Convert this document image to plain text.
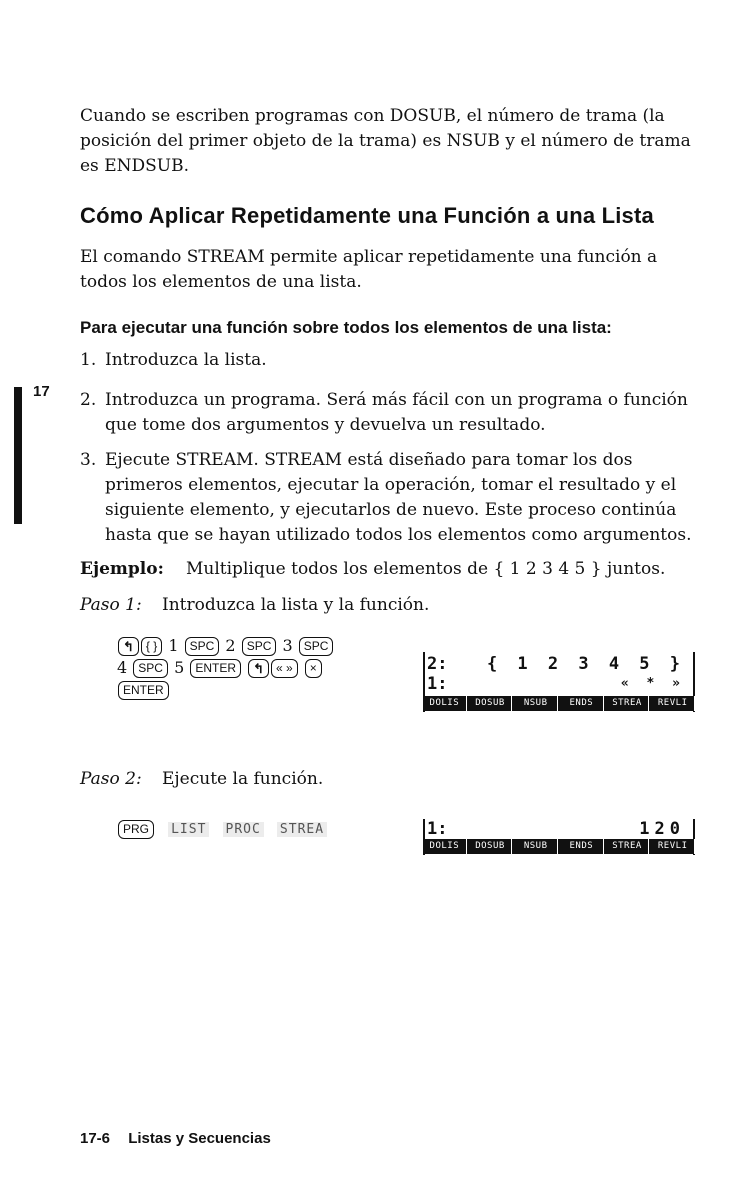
Cuando se escriben programas con DOSUB, el número de trama (la posición del primer objeto de la trama) es NSUB y el número de trama es ENDSUB.
Cómo Aplicar Repetidamente una Función a una Lista
El comando STREAM permite aplicar repetidamente una función a todos los elementos de una lista.
Para ejecutar una función sobre todos los elementos de una lista:
1. Introduzca la lista.
2. Introduzca un programa. Será más fácil con un programa o función que tome dos argumentos y devuelva un resultado.
3. Ejecute STREAM. STREAM está diseñado para tomar los dos primeros elementos, ejecutar la operación, tomar el resultado y el siguiente elemento, y ejecutarlos de nuevo. Este proceso continúa hasta que se hayan utilizado todos los elementos como argumentos.
17
Ejemplo: Multiplique todos los elementos de { 1 2 3 4 5 } juntos.
Paso 1: Introduzca la lista y la función.
↰ { } 1 SPC 2 SPC 3 SPC
4 SPC 5 ENTER ↰ « » ×
ENTER
2: { 1 2 3 4 5 }
1:	« * »
DOLIS	DOSUB	NSUB	ENDS	STREA	REVLI
Paso 2: Ejecute la función.
PRG LIST PROC STREA	1:	120
DOLIS	DOSUB	NSUB	ENDS	STREA	REVLI
17-6 Listas y Secuencias
